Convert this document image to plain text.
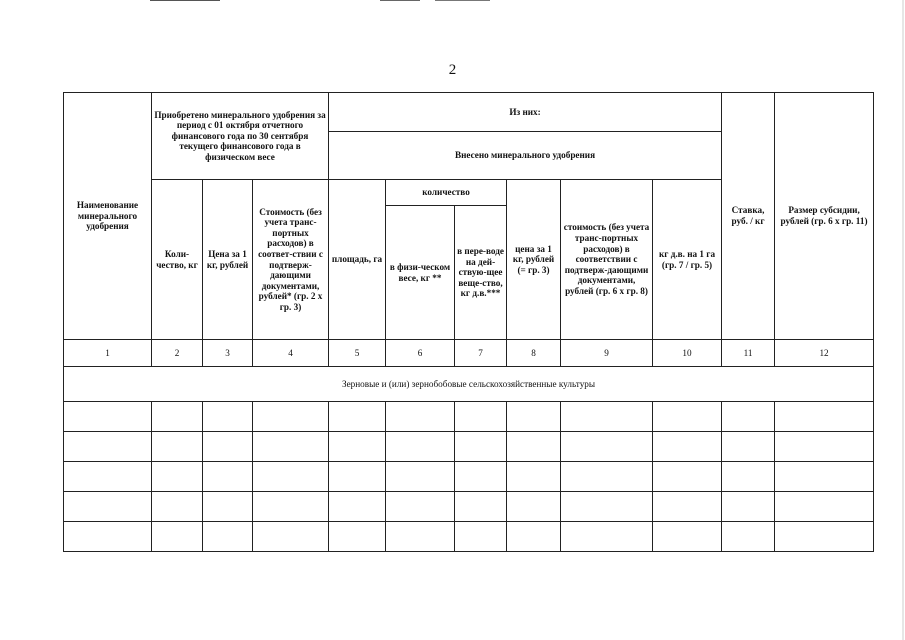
2
Наименование минерального удобрения	Приобретено минерального удобрения за период с 01 октября отчетного финансового года по 30 сентября текущего финансового года в физическом весе			Из них:						Ставка, руб. / кг	Размер субсидии, рублей (гр. 6 х гр. 11)
				Внесено минерального удобрения							
	Коли-чество, кг	Цена за 1 кг, рублей	Стоимость (без учета транс-портных расходов) в соответ-ствии с подтверж-дающими документами, рублей* (гр. 2 х гр. 3)	площадь, га	количество		цена за 1 кг, рублей (= гр. 3)	стоимость (без учета транс-портных расходов) в соответствии с подтверж-дающими документами, рублей (гр. 6 х гр. 8)	кг д.в. на 1 га (гр. 7 / гр. 5)		
					в физи-ческом весе, кг **	в пере-воде на дей-ствую-щее веще-ство, кг д.в.***					
1	2	3	4	5	6	7	8	9	10	11	12
Зерновые и (или) зернобобовые сельскохозяйственные культуры											
